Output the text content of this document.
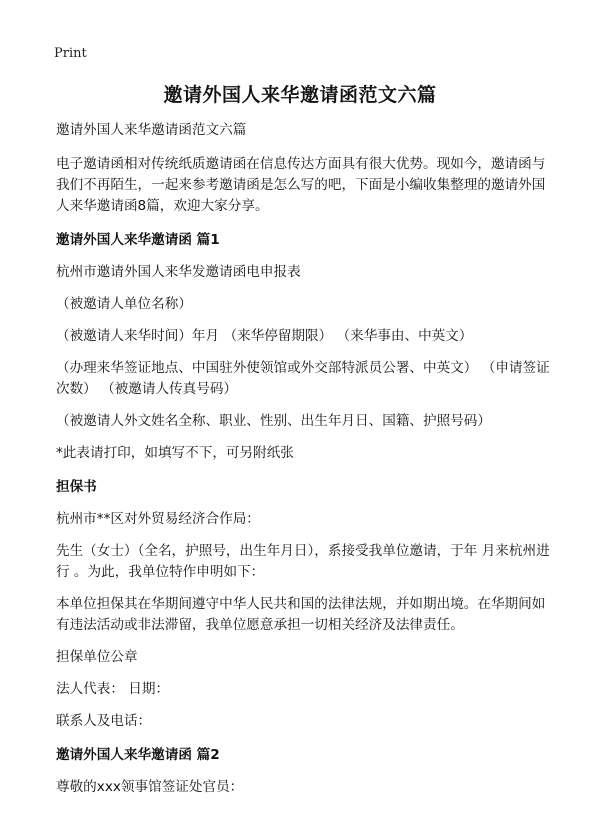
Print
邀请外国人来华邀请函范文六篇

邀请外国人来华邀请函范文六篇

电子邀请函相对传统纸质邀请函在信息传达方面具有很大优势。现如今，邀请函与我们不再陌生，一起来参考邀请函是怎么写的吧，下面是小编收集整理的邀请外国人来华邀请函8篇，欢迎大家分享。

邀请外国人来华邀请函 篇1

杭州市邀请外国人来华发邀请函电申报表

（被邀请人单位名称）

（被邀请人来华时间）年月 （来华停留期限） （来华事由、中英文）

（办理来华签证地点、中国驻外使领馆或外交部特派员公署、中英文） （申请签证次数） （被邀请人传真号码）

（被邀请人外文姓名全称、职业、性别、出生年月日、国籍、护照号码）

*此表请打印，如填写不下，可另附纸张

担保书

杭州市**区对外贸易经济合作局：

先生（女士）（全名，护照号，出生年月日），系接受我单位邀请，于年 月来杭州进行 。为此，我单位特作申明如下：

本单位担保其在华期间遵守中华人民共和国的法律法规，并如期出境。在华期间如有违法活动或非法滞留，我单位愿意承担一切相关经济及法律责任。

担保单位公章

法人代表： 日期：

联系人及电话：

邀请外国人来华邀请函 篇2

尊敬的xxx领事馆签证处官员：
